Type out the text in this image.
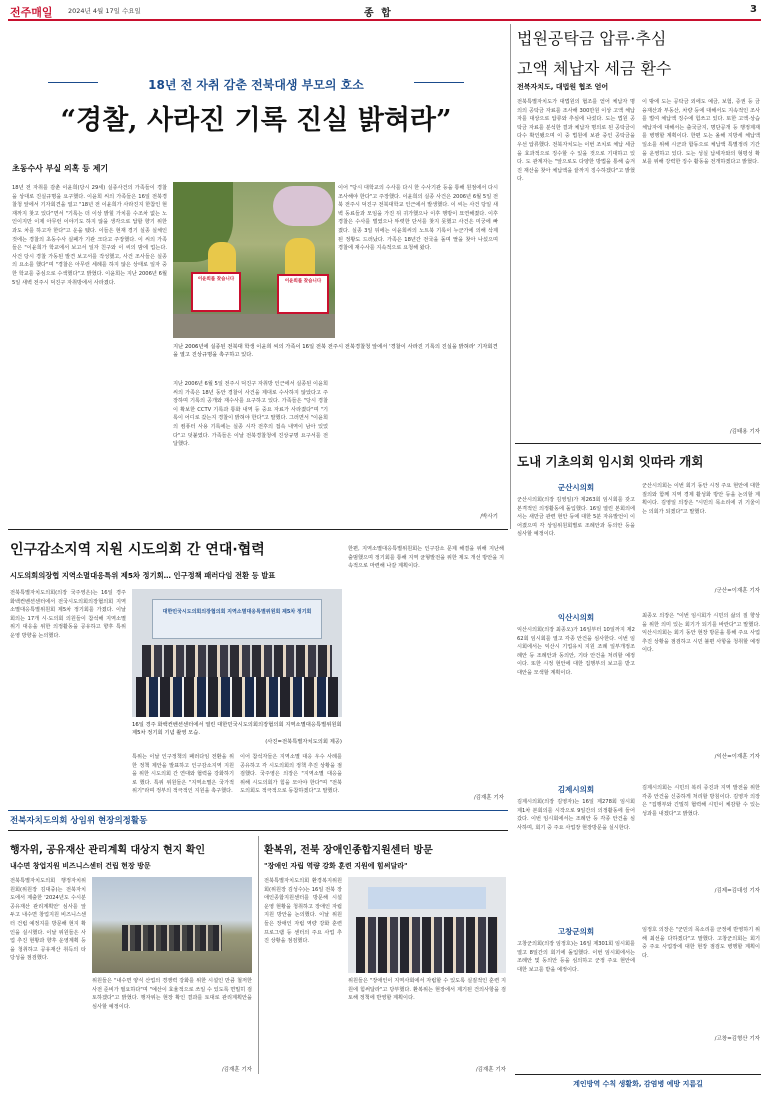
전주매일 2024년 4월 17일 수요일	종 합	3
18년 전 자취 감춘 전북대생 부모의 호소
“경찰, 사라진 기록 진실 밝혀라”
초동수사 부실 의혹 등 제기
18년 전 자취를 감춘 이윤희(당시 29세) 실종사건의 가족들이 경찰을 상대로 진실규명을 요구했다. 이윤희 씨의 가족들은 16일 전북경찰청 앞에서 기자회견을 열고 "18년 전 이윤희가 사라진지 한참인 현재까지 찾고 있다"면서 "기록는 더 이상 밝힐 가치를 수조차 없는 노인이지만 이제 아무런 이야기도 하지 않을 생각으로 답할 향기 위한 과도 차를 하고자 한다"고 운을 뗐다. 이들은 현재 경기 실종 실체인 것에는 경찰의 초동수사 실패가 기관 크다고 주장했다. 이 씨의 가족들은 "이윤희가 학교에서 보고서 일자 친구와 이 씨의 밤에 업는다. 사건 당시 경찰 가동된 발견 보고서를 작성했고, 사건 조사들은 실종의 요소를 했다"며 "경찰은 아무런 세례를 하지 않은 상태로 일자 중 한 학교를 중심으로 수색했다"고 밝혔다. 이윤희는 지난 2006년 6월 5일 새벽 전주시 덕진구 자취방에서 사라졌다.
이윤희를 찾습니다	이윤희를 찾습니다
지난 2006년에 실종된 전북대 학생 이윤희 씨의 가족이 16일 전북 전주시 전북경찰청 앞에서 '경찰이 사라진 기록의 진실을 밝혀라' 기자회견을 열고 진상규명을 촉구하고 있다.
지난 2006년 6월 5일 전주시 덕진구 자취방 인근에서 실종된 이윤희 씨의 가족은 18년 동안 경찰이 사건을 제대로 수사하지 않았다고 주장하며 기록의 공개와 재수사를 요구하고 있다. 가족들은 "당시 경찰이 확보한 CCTV 기록과 통화 내역 등 중요 자료가 사라졌다"며 "기록이 어디로 갔는지 경찰이 밝혀야 한다"고 말했다. 그러면서 "이윤희의 컴퓨터 사용 기록에는 실종 시각 전후의 접속 내역이 남아 있었다"고 덧붙였다. 가족들은 이날 전북경찰청에 진상규명 요구서를 전달했다.
이어 "당시 대학교의 수사를 다시 한 수사기관 등을 통해 원점에서 다시 조사해야 한다"고 주장했다. 이윤희의 실종 사건은 2006년 6월 5일 전북 전주시 덕진구 전북대학교 인근에서 발생했다. 이 씨는 사건 당일 새벽 동료들과 모임을 가진 뒤 귀가했으나 이후 행방이 묘연해졌다. 이후 경찰은 수사를 벌였으나 뚜렷한 단서를 찾지 못했고 사건은 미궁에 빠졌다. 실종 3일 뒤에는 이윤희씨의 노트북 기록이 누군가에 의해 삭제된 정황도 드러났다. 가족은 18년간 전국을 돌며 딸을 찾아 나섰으며 경찰에 재수사를 지속적으로 요청해 왔다.
/박사기
법원공탁금 압류·추심
고액 체납자 세금 환수
전북자치도, 대법원 협조 얻어
전북특별자치도가 대법원의 협조를 얻어 체납자 명의의 공탁금 자료를 조사해 300만원 이상 고액 체납자를 대상으로 압류와 추심에 나섰다. 도는 법원 공탁금 자료를 분석한 결과 체납자 명의로 된 공탁금이 다수 확인됐으며 이 중 법원에 보관 중인 공탁금을 우선 압류했다. 전북자치도는 이번 조치로 체납 세금을 효과적으로 징수할 수 있을 것으로 기대하고 있다. 도 관계자는 "앞으로도 다양한 방법을 통해 숨겨진 재산을 찾아 체납액을 끝까지 징수하겠다"고 밝혔다.
이 밖에 도는 공탁금 외에도 예금, 보험, 증권 등 금융재산과 부동산, 차량 등에 대해서도 지속적인 조사를 벌여 체납액 징수에 힘쓰고 있다. 또한 고액·상습 체납자에 대해서는 출국금지, 명단공개 등 행정제재를 병행할 계획이다. 한편 도는 올해 지방세 체납액 일소를 위해 시군과 합동으로 체납액 특별정리 기간을 운영하고 있다. 도는 성실 납세자와의 형평성 확보를 위해 강력한 징수 활동을 전개하겠다고 밝혔다.
/김태용 기자
도내 기초의회 임시회 잇따라 개회
군산시의회
군산시의회(의장 김영일)가 제263회 임시회를 갖고 본격적인 의정활동에 돌입했다. 16일 열린 본회의에서는 새만금 관련 현안 등에 대한 5분 자유발언이 이어졌으며 각 상임위원회별로 조례안과 동의안 등을 심사할 예정이다.
군산시의회는 이번 회기 동안 시정 주요 현안에 대한 질의와 함께 지역 경제 활성화 방안 등을 논의할 계획이다. 김영일 의장은 "시민의 목소리에 귀 기울이는 의회가 되겠다"고 말했다.
/군산=이재훈 기자
익산시의회
익산시의회(의장 최종오)가 16일부터 10일까지 제262회 임시회를 열고 각종 안건을 심사한다. 이번 임시회에서는 익산시 기업유치 지원 조례 일부개정조례안 등 조례안과 동의안, 기타 안건을 처리할 예정이다. 또한 시정 현안에 대한 집행부의 보고를 받고 대안을 모색할 계획이다.
최종오 의장은 "이번 임시회가 시민의 삶의 질 향상을 위한 의미 있는 회기가 되기를 바란다"고 말했다. 익산시의회는 회기 동안 현장 방문을 통해 주요 사업 추진 상황을 점검하고 시민 불편 사항을 청취할 예정이다.
/익산=이재훈 기자
김제시의회
김제시의회(의장 김영자)는 16일 제278회 임시회 제1차 본회의를 시작으로 9일간의 의정활동에 들어갔다. 이번 임시회에서는 조례안 등 각종 안건을 심사하며, 회기 중 주요 사업장 현장방문을 실시한다.
김제시의회는 시민의 복리 증진과 지역 발전을 위한 각종 안건을 신중하게 처리할 방침이다. 김영자 의장은 "집행부와 긴밀히 협력해 시민이 체감할 수 있는 성과를 내겠다"고 밝혔다.
/김제=김대성 기자
고창군의회
고창군의회(의장 임정호)는 16일 제301회 임시회를 열고 8일간의 회기에 돌입했다. 이번 임시회에서는 조례안 및 동의안 등을 심의하고 군정 주요 현안에 대한 보고를 받을 예정이다.
임정호 의장은 "군민의 목소리를 군정에 반영하기 위해 최선을 다하겠다"고 말했다. 고창군의회는 회기 중 주요 사업장에 대한 현장 점검도 병행할 계획이다.
/고창=김형산 기자
인구감소지역 지원 시도의회 간 연대·협력
시도의회의장협 지역소멸대응특위 제5차 정기회… 인구정책 패러다임 전환 등 발표
전북특별자치도의회(의장 국주영은)는 16일 경주 화백컨벤션센터에서 전국시도의회의장협의회 지역소멸대응특별위원회 제5차 정기회를 가졌다. 이날 회의는 17개 시·도의회 의원들이 참석해 지역소멸 위기 대응을 위한 의정활동을 공유하고 향후 특위 운영 방향을 논의했다.
대한민국시도의회의장협의회 지역소멸대응특별위원회 제5차 정기회
16일 경주 화백컨벤션센터에서 열린 대한민국시도의회의장협의회 지역소멸대응특별위원회 제5차 정기회 기념 촬영 모습.
(사진=전북특별자치도의회 제공)
특위는 이날 인구정책의 패러다임 전환을 위한 정책 제안을 발표하고 인구감소지역 지원을 위한 시도의회 간 연대와 협력을 강화하기로 했다. 특위 위원들은 "지역소멸은 국가적 위기"라며 정부의 적극적인 지원을 촉구했다.
이어 참석자들은 지역소멸 대응 우수 사례를 공유하고 각 시도의회의 정책 추진 상황을 점검했다. 국주영은 의장은 "지역소멸 대응을 위해 시도의회가 힘을 모아야 한다"며 "전북도의회도 적극적으로 동참하겠다"고 말했다.
한편, 지역소멸대응특별위원회는 인구감소 문제 해결을 위해 지난해 출범했으며 정기회를 통해 지역 균형발전을 위한 제도 개선 방안을 지속적으로 마련해 나갈 계획이다.
/김재훈 기자
전북자치도의회 상임위 현장의정활동
행자위, 공유재산 관리계획 대상지 현지 확인
내수면 창업지원 비즈니스센터 건립 현장 방문
전북특별자치도의회 행정자치위원회(위원장 김대중)는 전북자치도에서 제출한 '2024년도 수시분 공유재산 관리계획안' 심사를 앞두고 내수면 창업지원 비즈니스센터 건립 예정지를 방문해 현지 확인을 실시했다. 이날 위원들은 사업 추진 현황과 향후 운영계획 등을 청취하고 공유재산 취득의 타당성을 점검했다.
위원들은 "내수면 양식 산업의 경쟁력 강화를 위한 시설인 만큼 철저한 사전 준비가 필요하다"며 "예산이 효율적으로 쓰일 수 있도록 면밀히 검토하겠다"고 밝혔다. 행자위는 현장 확인 결과를 토대로 관리계획안을 심사할 예정이다.
/김재훈 기자
환복위, 전북 장애인종합지원센터 방문
"장애인 자립 역량 강화 훈련 지원에 힘써달라"
전북특별자치도의회 환경복지위원회(위원장 김성수)는 16일 전북 장애인종합지원센터를 방문해 시설 운영 현황을 청취하고 장애인 자립 지원 방안을 논의했다. 이날 위원들은 장애인 자립 역량 강화 훈련 프로그램 등 센터의 주요 사업 추진 상황을 점검했다.
위원들은 "장애인이 지역사회에서 자립할 수 있도록 실질적인 훈련 지원에 힘써달라"고 당부했다. 환복위는 현장에서 제기된 건의사항을 검토해 정책에 반영할 계획이다.
/김재훈 기자
계인방역 수칙 생활화, 감염병 예방 지름길
